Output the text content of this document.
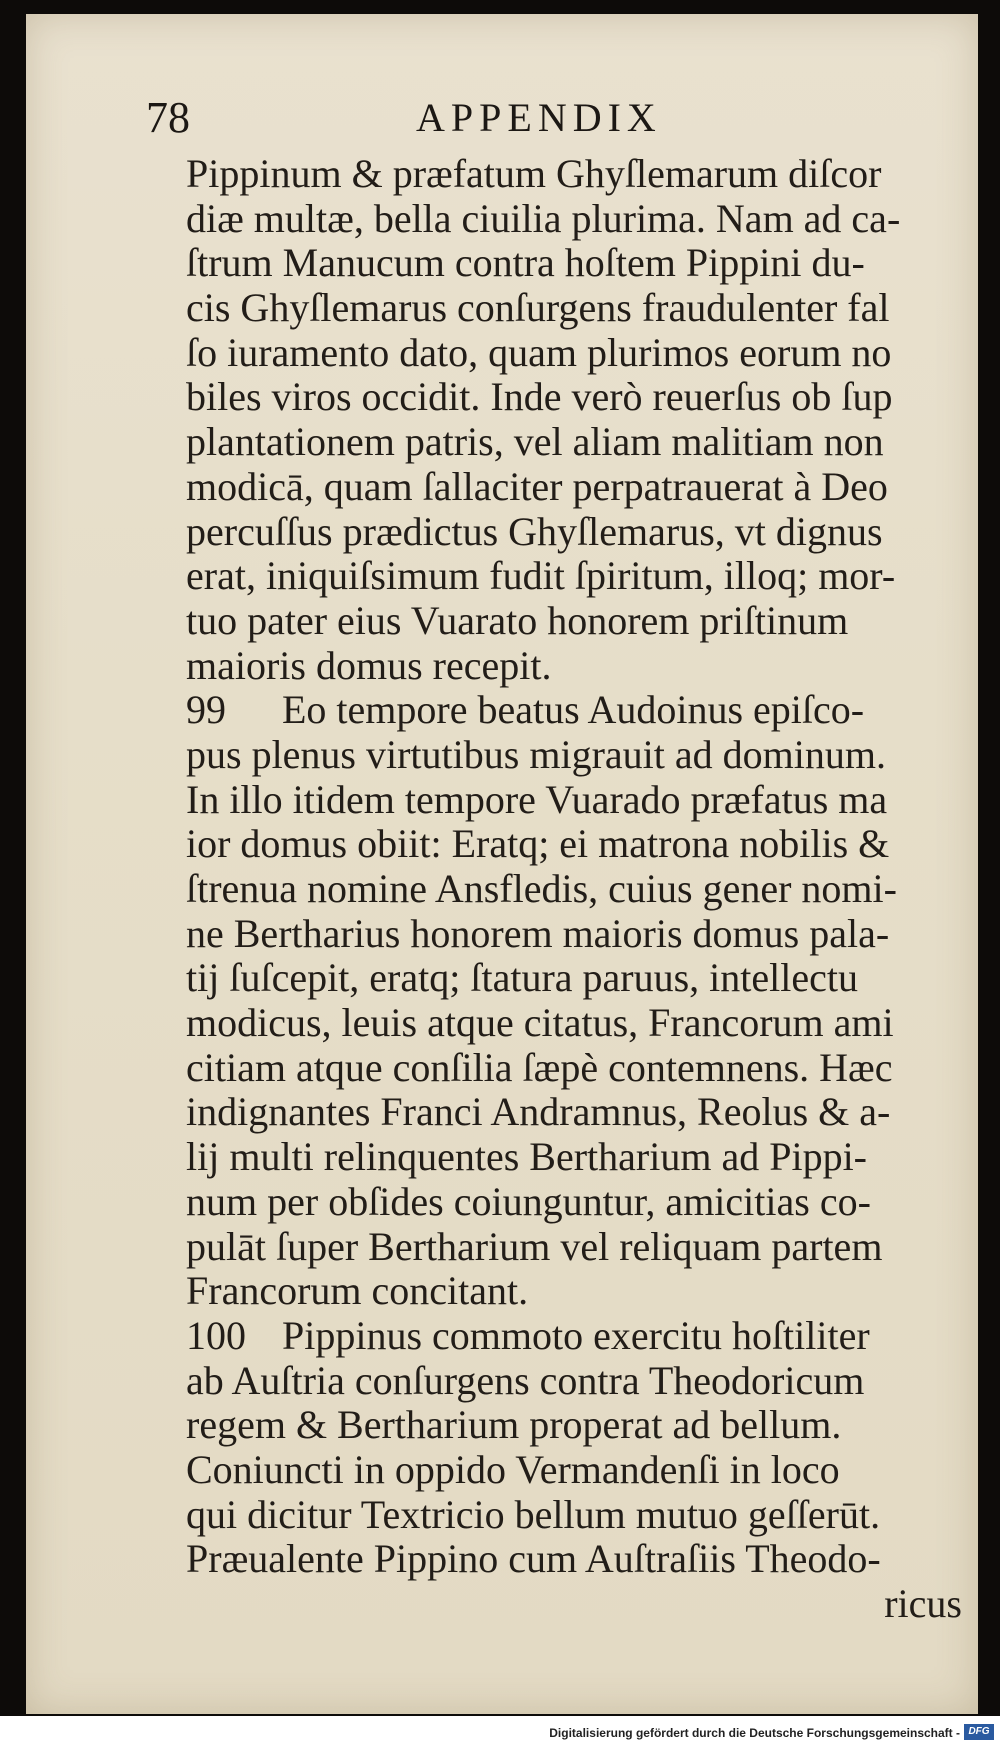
78	APPENDIX
Pippinum & præfatum Ghyſlemarum diſcor
diæ multæ, bella ciuilia plurima. Nam ad ca-
ſtrum Manucum contra hoſtem Pippini du-
cis Ghyſlemarus conſurgens fraudulenter fal
ſo iuramento dato, quam plurimos eorum no
biles viros occidit. Inde verò reuerſus ob ſup
plantationem patris, vel aliam malitiam non
modicā, quam ſallaciter perpatrauerat à Deo
percuſſus prædictus Ghyſlemarus, vt dignus
erat, iniquiſsimum fudit ſpiritum, illoq; mor-
tuo pater eius Vuarato honorem priſtinum
maioris domus recepit.
99 Eo tempore beatus Audoinus epiſco-
pus plenus virtutibus migrauit ad dominum.
In illo itidem tempore Vuarado præfatus ma
ior domus obiit: Eratq; ei matrona nobilis &
ſtrenua nomine Ansfledis, cuius gener nomi-
ne Bertharius honorem maioris domus pala-
tij ſuſcepit, eratq; ſtatura paruus, intellectu
modicus, leuis atque citatus, Francorum ami
citiam atque conſilia ſæpè contemnens. Hæc
indignantes Franci Andramnus, Reolus & a-
lij multi relinquentes Bertharium ad Pippi-
num per obſides coiunguntur, amicitias co-
pulāt ſuper Bertharium vel reliquam partem
Francorum concitant.
100 Pippinus commoto exercitu hoſtiliter
ab Auſtria conſurgens contra Theodoricum
regem & Bertharium properat ad bellum.
Coniuncti in oppido Vermandenſi in loco
qui dicitur Textricio bellum mutuo geſſerūt.
Præualente Pippino cum Auſtraſiis Theodo-
ricus
Digitalisierung gefördert durch die Deutsche Forschungsgemeinschaft - DFG
